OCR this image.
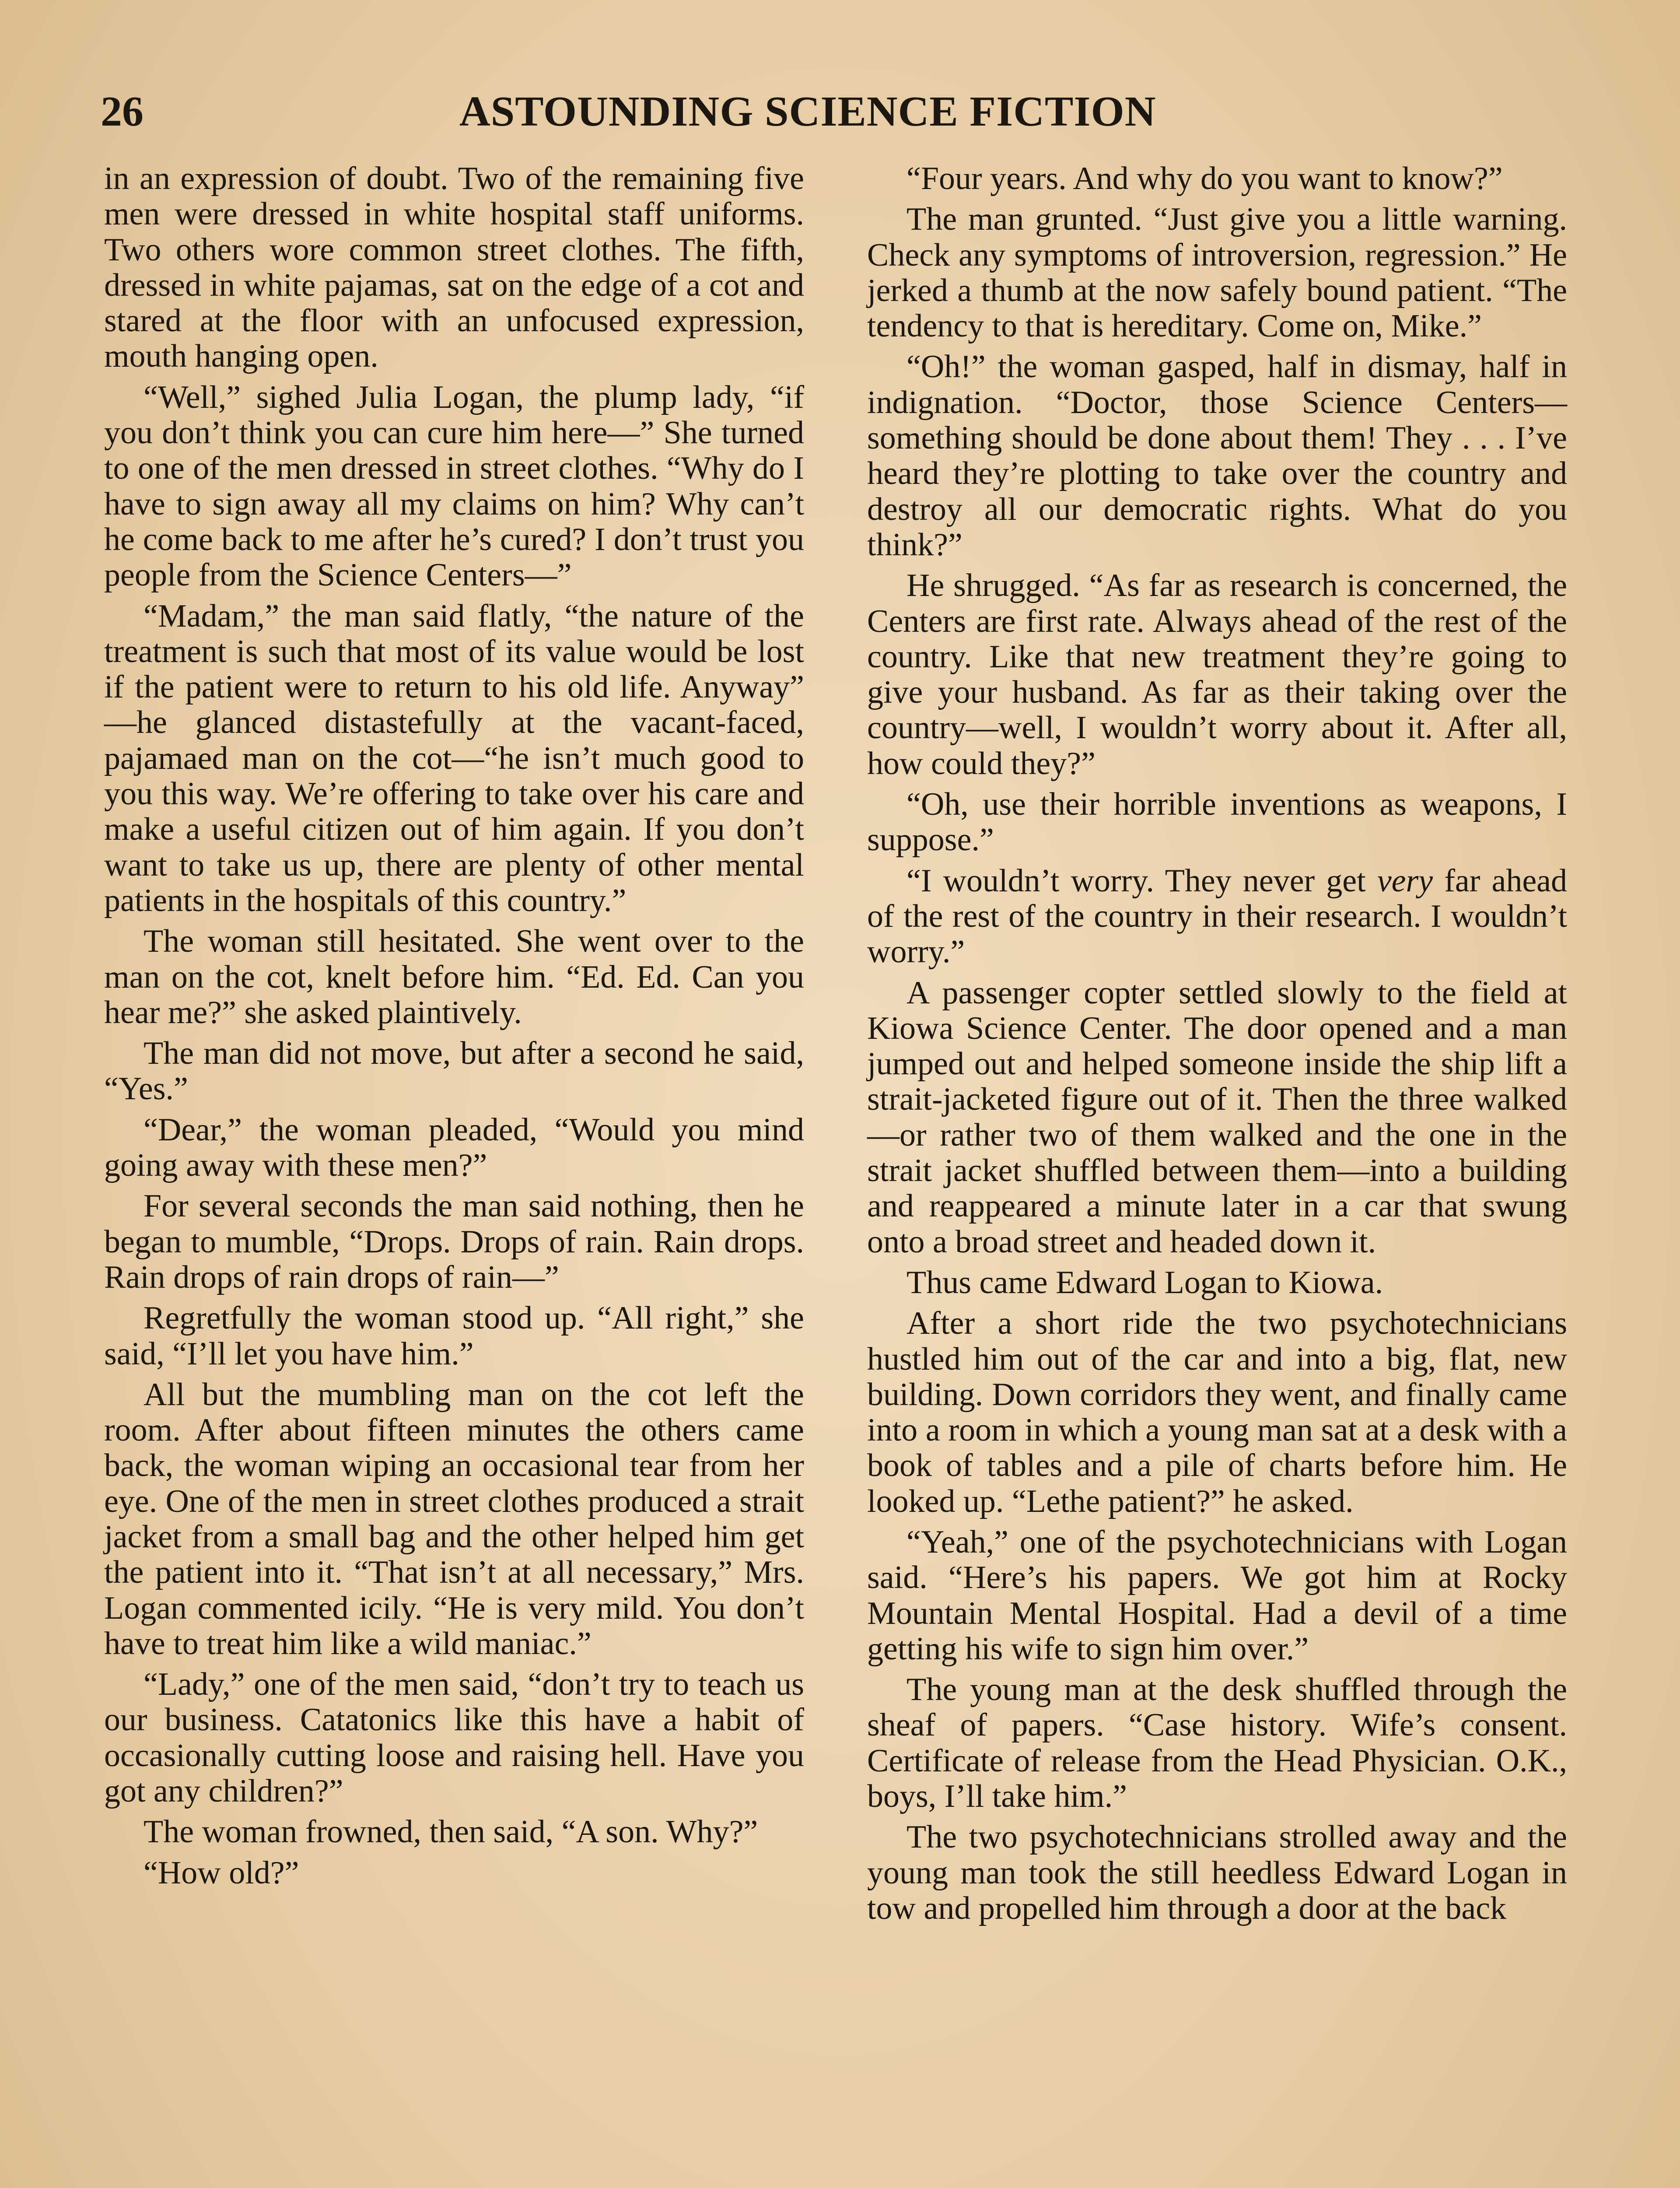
26	ASTOUNDING SCIENCE FICTION

in an expression of doubt. Two of the remaining five men were dressed in white hospital staff uniforms. Two others wore common street clothes. The fifth, dressed in white pajamas, sat on the edge of a cot and stared at the floor with an unfocused expression, mouth hanging open.

“Well,” sighed Julia Logan, the plump lady, “if you don’t think you can cure him here—” She turned to one of the men dressed in street clothes. “Why do I have to sign away all my claims on him? Why can’t he come back to me after he’s cured? I don’t trust you people from the Science Centers—”

“Madam,” the man said flatly, “the nature of the treatment is such that most of its value would be lost if the patient were to return to his old life. Anyway” —he glanced distastefully at the vacant-faced, pajamaed man on the cot—“he isn’t much good to you this way. We’re offering to take over his care and make a useful citizen out of him again. If you don’t want to take us up, there are plenty of other mental patients in the hospitals of this country.”

The woman still hesitated. She went over to the man on the cot, knelt before him. “Ed. Ed. Can you hear me?” she asked plaintively.

The man did not move, but after a second he said, “Yes.”

“Dear,” the woman pleaded, “Would you mind going away with these men?”

For several seconds the man said nothing, then he began to mumble, “Drops. Drops of rain. Rain drops. Rain drops of rain drops of rain—”

Regretfully the woman stood up. “All right,” she said, “I’ll let you have him.”

All but the mumbling man on the cot left the room. After about fifteen minutes the others came back, the woman wiping an occasional tear from her eye. One of the men in street clothes produced a strait jacket from a small bag and the other helped him get the patient into it. “That isn’t at all necessary,” Mrs. Logan commented icily. “He is very mild. You don’t have to treat him like a wild maniac.”

“Lady,” one of the men said, “don’t try to teach us our business. Catatonics like this have a habit of occasionally cutting loose and raising hell. Have you got any children?”

The woman frowned, then said, “A son. Why?”

“How old?”

“Four years. And why do you want to know?”

The man grunted. “Just give you a little warning. Check any symptoms of introversion, regression.” He jerked a thumb at the now safely bound patient. “The tendency to that is hereditary. Come on, Mike.”

“Oh!” the woman gasped, half in dismay, half in indignation. “Doctor, those Science Centers—something should be done about them! They . . . I’ve heard they’re plotting to take over the country and destroy all our democratic rights. What do you think?”

He shrugged. “As far as research is concerned, the Centers are first rate. Always ahead of the rest of the country. Like that new treatment they’re going to give your husband. As far as their taking over the country—well, I wouldn’t worry about it. After all, how could they?”

“Oh, use their horrible inventions as weapons, I suppose.”

“I wouldn’t worry. They never get very far ahead of the rest of the country in their research. I wouldn’t worry.”

A passenger copter settled slowly to the field at Kiowa Science Center. The door opened and a man jumped out and helped someone inside the ship lift a strait-jacketed figure out of it. Then the three walked—or rather two of them walked and the one in the strait jacket shuffled between them—into a building and reappeared a minute later in a car that swung onto a broad street and headed down it.

Thus came Edward Logan to Kiowa.

After a short ride the two psychotechnicians hustled him out of the car and into a big, flat, new building. Down corridors they went, and finally came into a room in which a young man sat at a desk with a book of tables and a pile of charts before him. He looked up. “Lethe patient?” he asked.

“Yeah,” one of the psychotechnicians with Logan said. “Here’s his papers. We got him at Rocky Mountain Mental Hospital. Had a devil of a time getting his wife to sign him over.”

The young man at the desk shuffled through the sheaf of papers. “Case history. Wife’s consent. Certificate of release from the Head Physician. O.K., boys, I’ll take him.”

The two psychotechnicians strolled away and the young man took the still heedless Edward Logan in tow and propelled him through a door at the back
